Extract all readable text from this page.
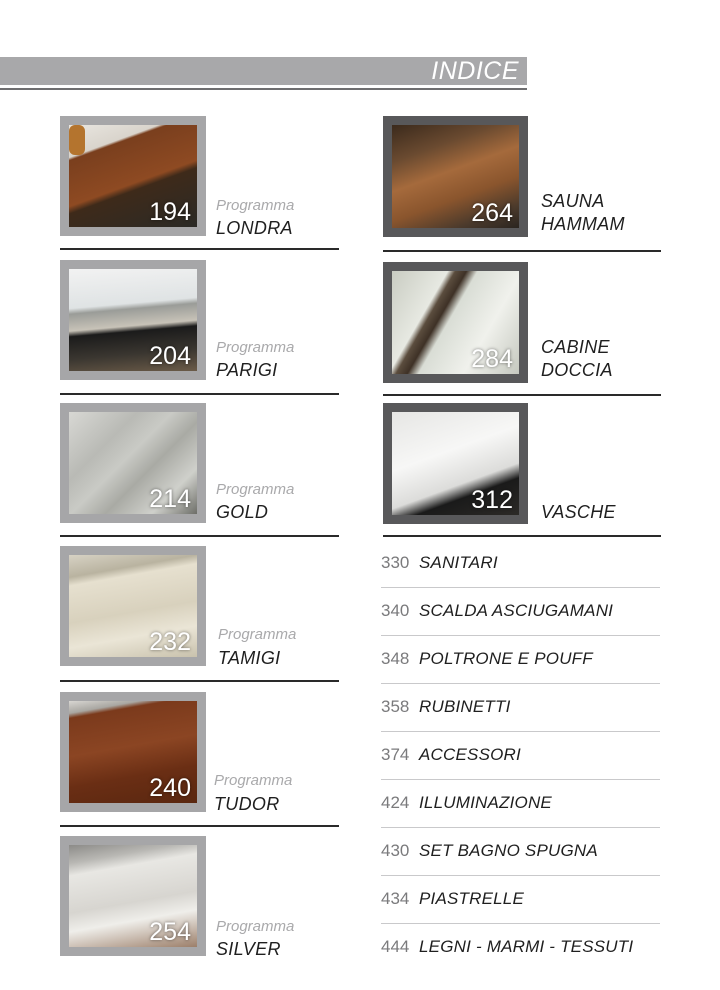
INDICE
194 Programma
LONDRA
204 Programma
PARIGI
214 Programma
GOLD
232 Programma
TAMIGI
240 Programma
TUDOR
254 Programma
SILVER
264 SAUNA
HAMMAM
284 CABINE
DOCCIA
312 VASCHE
330 SANITARI
340 SCALDA ASCIUGAMANI
348 POLTRONE E POUFF
358 RUBINETTI
374 ACCESSORI
424 ILLUMINAZIONE
430 SET BAGNO SPUGNA
434 PIASTRELLE
444 LEGNI - MARMI - TESSUTI
